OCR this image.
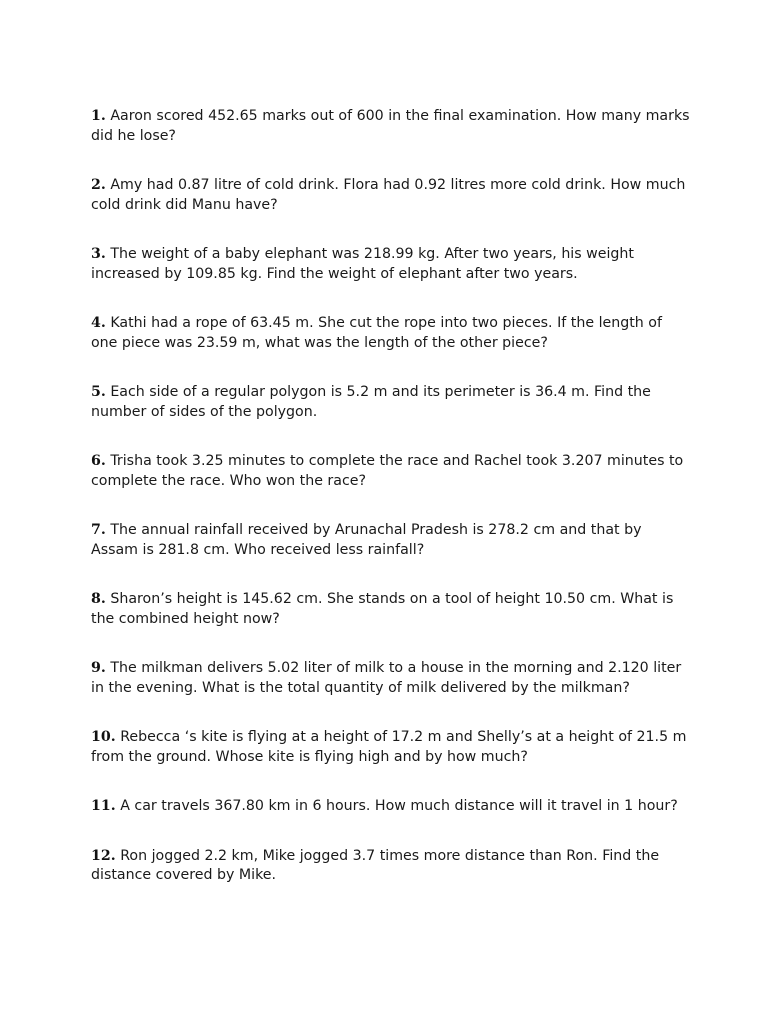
1. Aaron scored 452.65 marks out of 600 in the final examination. How many marks did he lose?
2. Amy had 0.87 litre of cold drink. Flora had 0.92 litres more cold drink. How much cold drink did Manu have?
3. The weight of a baby elephant was 218.99 kg. After two years, his weight increased by 109.85 kg. Find the weight of elephant after two years.
4. Kathi had a rope of 63.45 m. She cut the rope into two pieces. If the length of one piece was 23.59 m, what was the length of the other piece?
5. Each side of a regular polygon is 5.2 m and its perimeter is 36.4 m. Find the number of sides of the polygon.
6. Trisha took 3.25 minutes to complete the race and Rachel took 3.207 minutes to complete the race. Who won the race?
7. The annual rainfall received by Arunachal Pradesh is 278.2 cm and that by Assam is 281.8 cm. Who received less rainfall?
8. Sharon’s height is 145.62 cm. She stands on a tool of height 10.50 cm. What is the combined height now?
9. The milkman delivers 5.02 liter of milk to a house in the morning and 2.120 liter in the evening. What is the total quantity of milk delivered by the milkman?
10. Rebecca ‘s kite is flying at a height of 17.2 m and Shelly’s at a height of 21.5 m from the ground. Whose kite is flying high and by how much?
11. A car travels 367.80 km in 6 hours. How much distance will it travel in 1 hour?
12. Ron jogged 2.2 km, Mike jogged 3.7 times more distance than Ron. Find the distance covered by Mike.
